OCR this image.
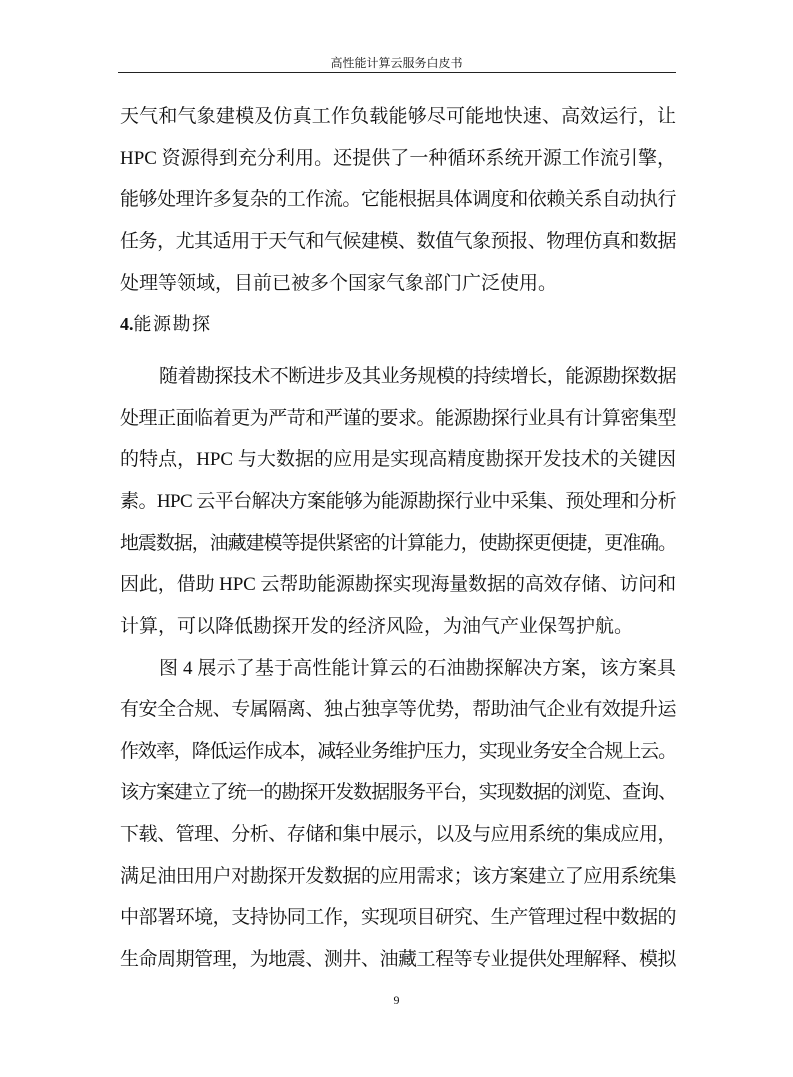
高性能计算云服务白皮书
天气和气象建模及仿真工作负载能够尽可能地快速、高效运行，让
HPC 资源得到充分利用。还提供了一种循环系统开源工作流引擎，
能够处理许多复杂的工作流。它能根据具体调度和依赖关系自动执行
任务，尤其适用于天气和气候建模、数值气象预报、物理仿真和数据
处理等领域，目前已被多个国家气象部门广泛使用。
4.能源勘探
随着勘探技术不断进步及其业务规模的持续增长，能源勘探数据
处理正面临着更为严苛和严谨的要求。能源勘探行业具有计算密集型
的特点，HPC 与大数据的应用是实现高精度勘探开发技术的关键因
素。HPC 云平台解决方案能够为能源勘探行业中采集、预处理和分析
地震数据，油藏建模等提供紧密的计算能力，使勘探更便捷，更准确。
因此，借助 HPC 云帮助能源勘探实现海量数据的高效存储、访问和
计算，可以降低勘探开发的经济风险，为油气产业保驾护航。
图 4 展示了基于高性能计算云的石油勘探解决方案，该方案具
有安全合规、专属隔离、独占独享等优势，帮助油气企业有效提升运
作效率，降低运作成本，减轻业务维护压力，实现业务安全合规上云。
该方案建立了统一的勘探开发数据服务平台，实现数据的浏览、查询、
下载、管理、分析、存储和集中展示，以及与应用系统的集成应用，
满足油田用户对勘探开发数据的应用需求；该方案建立了应用系统集
中部署环境，支持协同工作，实现项目研究、生产管理过程中数据的
生命周期管理，为地震、测井、油藏工程等专业提供处理解释、模拟
9
